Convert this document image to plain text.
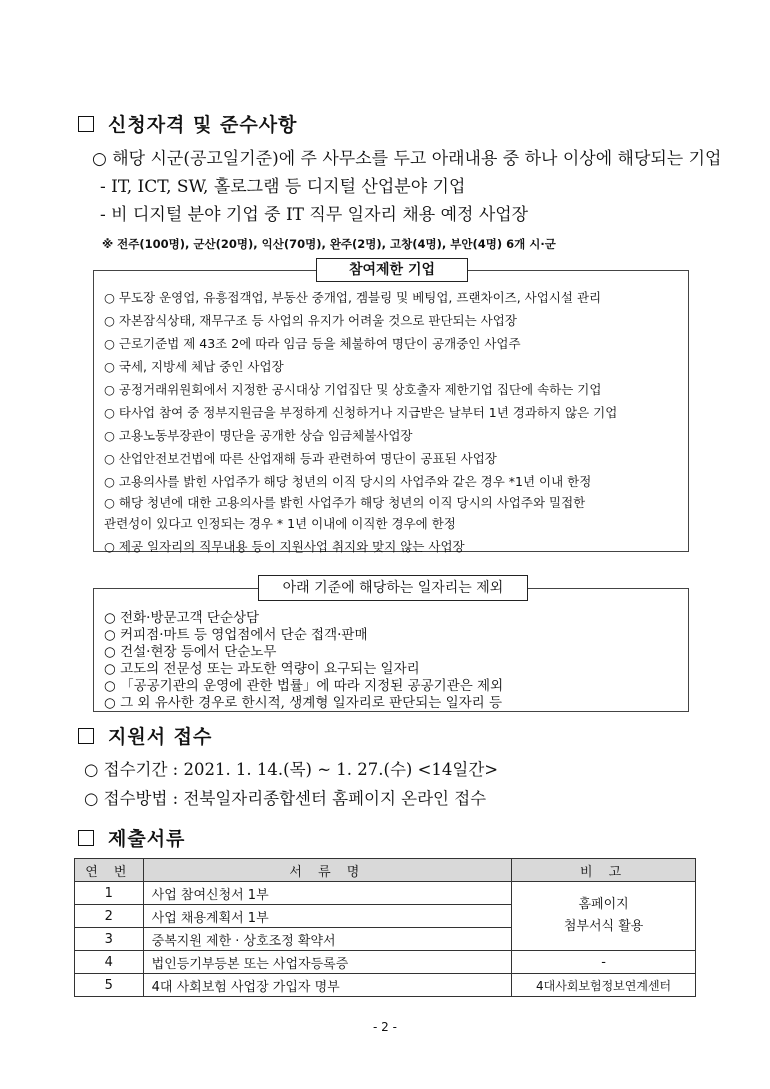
신청자격 및 준수사항
○ 해당 시군(공고일기준)에 주 사무소를 두고 아래내용 중 하나 이상에 해당되는 기업
- IT, ICT, SW, 홀로그램 등 디지털 산업분야 기업
- 비 디지털 분야 기업 중 IT 직무 일자리 채용 예정 사업장
※ 전주(100명), 군산(20명), 익산(70명), 완주(2명), 고창(4명), 부안(4명) 6개 시·군
참여제한 기업
○ 무도장 운영업, 유흥접객업, 부동산 중개업, 겜블링 및 베팅업, 프랜차이즈, 사업시설 관리
○ 자본잠식상태, 재무구조 등 사업의 유지가 어려울 것으로 판단되는 사업장
○ 근로기준법 제 43조 2에 따라 임금 등을 체불하여 명단이 공개중인 사업주
○ 국세, 지방세 체납 중인 사업장
○ 공정거래위원회에서 지정한 공시대상 기업집단 및 상호출자 제한기업 집단에 속하는 기업
○ 타사업 참여 중 정부지원금을 부정하게 신청하거나 지급받은 날부터 1년 경과하지 않은 기업
○ 고용노동부장관이 명단을 공개한 상습 임금체불사업장
○ 산업안전보건법에 따른 산업재해 등과 관련하여 명단이 공표된 사업장
○ 고용의사를 밝힌 사업주가 해당 청년의 이직 당시의 사업주와 같은 경우 *1년 이내 한정
○ 해당 청년에 대한 고용의사를 밝힌 사업주가 해당 청년의 이직 당시의 사업주와 밀접한
관련성이 있다고 인정되는 경우 * 1년 이내에 이직한 경우에 한정
○ 제공 일자리의 직무내용 등이 지원사업 취지와 맞지 않는 사업장
아래 기준에 해당하는 일자리는 제외
○ 전화·방문고객 단순상담
○ 커피점·마트 등 영업점에서 단순 접객·판매
○ 건설·현장 등에서 단순노무
○ 고도의 전문성 또는 과도한 역량이 요구되는 일자리
○ 「공공기관의 운영에 관한 법률」에 따라 지정된 공공기관은 제외
○ 그 외 유사한 경우로 한시적, 생계형 일자리로 판단되는 일자리 등
지원서 접수
○ 접수기간 : 2021. 1. 14.(목) ~ 1. 27.(수) <14일간>
○ 접수방법 : 전북일자리종합센터 홈페이지 온라인 접수
제출서류
연 번	서 류 명	비 고
1	사업 참여신청서 1부	홈페이지
첨부서식 활용

2	사업 채용계획서 1부	
3	중복지원 제한 · 상호조정 확약서	
4	법인등기부등본 또는 사업자등록증	-
5	4대 사회보험 사업장 가입자 명부	4대사회보험정보연계센터
- 2 -
